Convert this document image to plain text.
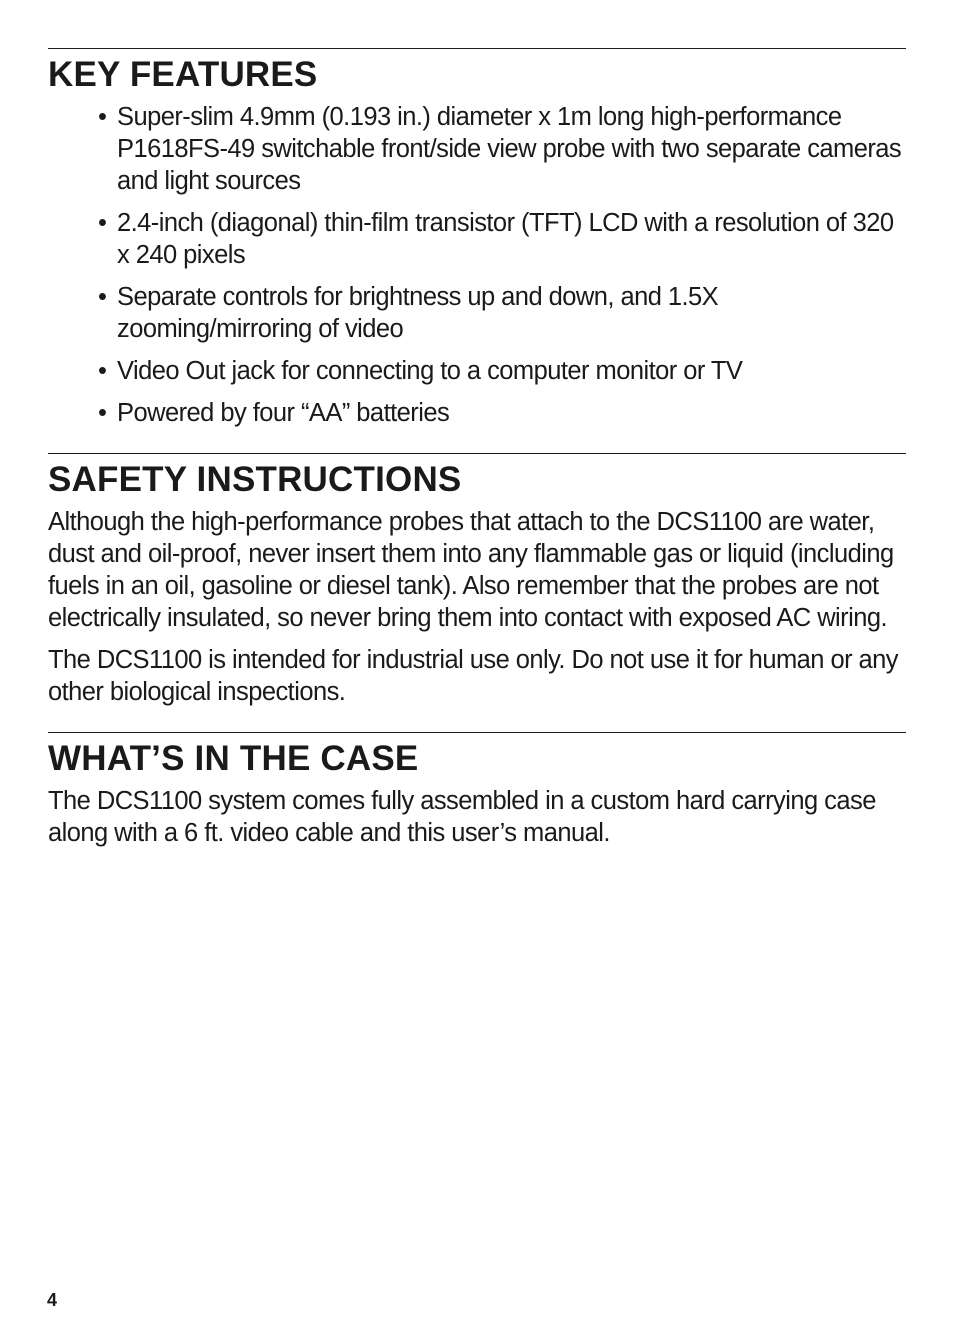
KEY FEATURES
• Super-slim 4.9mm (0.193 in.) diameter x 1m long high-performance P1618FS-49 switchable front/side view probe with two separate cameras and light sources
• 2.4-inch (diagonal) thin-film transistor (TFT) LCD with a resolution of 320 x 240 pixels
• Separate controls for brightness up and down, and 1.5X zooming/mirroring of video
• Video Out jack for connecting to a computer monitor or TV
• Powered by four “AA” batteries
SAFETY INSTRUCTIONS

Although the high-performance probes that attach to the DCS1100 are water, dust and oil-proof, never insert them into any flammable gas or liquid (including fuels in an oil, gasoline or diesel tank). Also remember that the probes are not electrically insulated, so never bring them into contact with exposed AC wiring.

The DCS1100 is intended for industrial use only. Do not use it for human or any other biological inspections.

WHAT’S IN THE CASE

The DCS1100 system comes fully assembled in a custom hard carrying case along with a 6 ft. video cable and this user’s manual.

4
